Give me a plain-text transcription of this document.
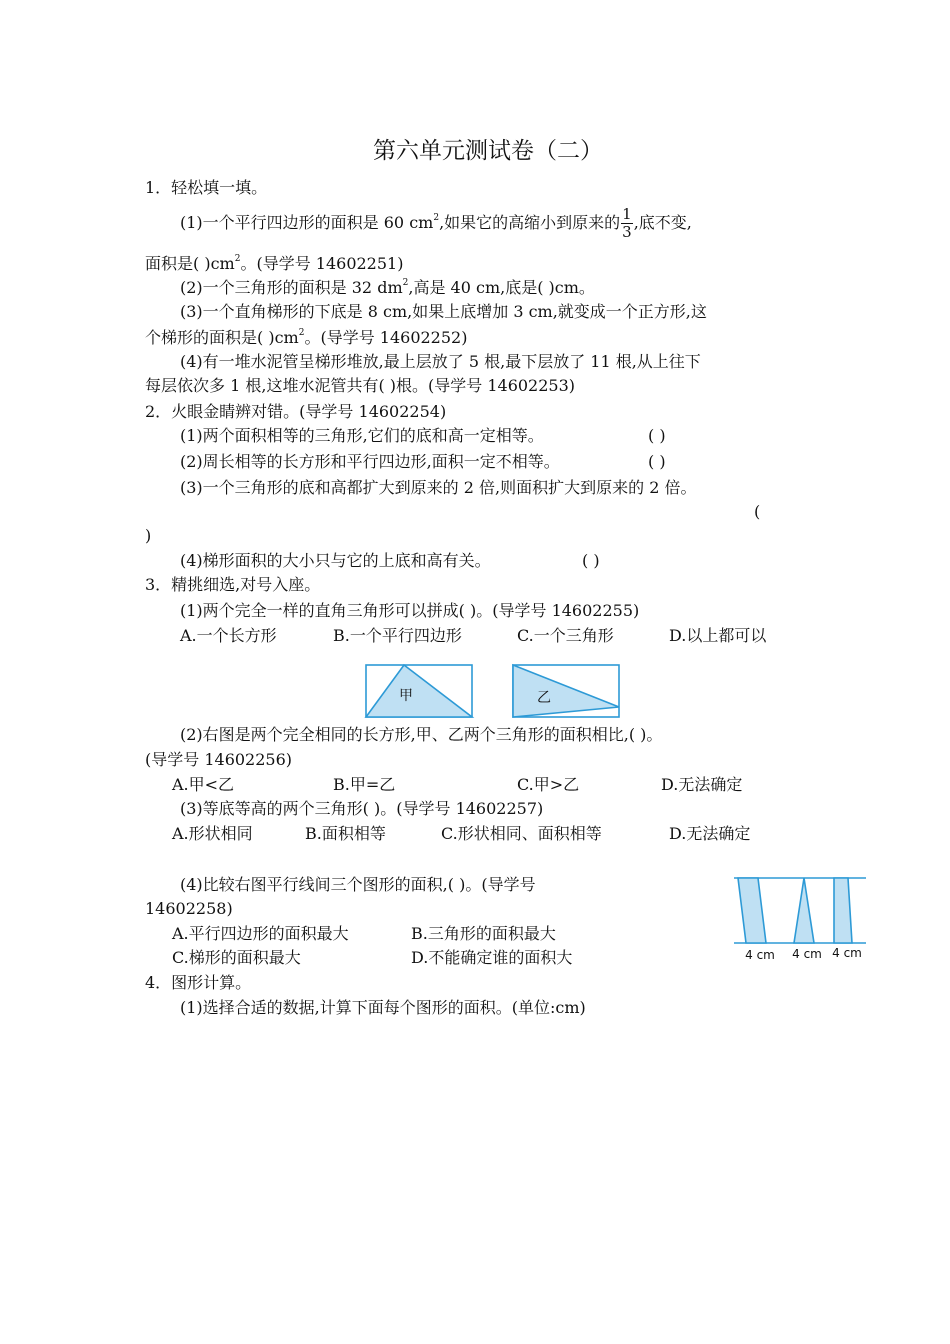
第六单元测试卷（二）
1．轻松填一填。
(1)一个平行四边形的面积是 60 $cm^2$,如果它的高缩小到原来的 $\frac{1}{3}$ ,底不变,
面积是( )$cm^2$。(导学号 14602251)
(2)一个三角形的面积是 32 $dm^2$,高是 40 cm,底是( )cm。
(3)一个直角梯形的下底是 8 cm,如果上底增加 3 cm,就变成一个正方形,这
个梯形的面积是( )$cm^2$。(导学号 14602252)
(4)有一堆水泥管呈梯形堆放,最上层放了 5 根,最下层放了 11 根,从上往下
每层依次多 1 根,这堆水泥管共有( )根。(导学号 14602253)
2．火眼金睛辨对错。(导学号 14602254)
(1)两个面积相等的三角形,它们的底和高一定相等。	( )
(2)周长相等的长方形和平行四边形,面积一定不相等。	( )
(3)一个三角形的底和高都扩大到原来的 2 倍,则面积扩大到原来的 2 倍。
(
)
(4)梯形面积的大小只与它的上底和高有关。	( )
3．精挑细选,对号入座。
(1)两个完全一样的直角三角形可以拼成( )。(导学号 14602255)
A.一个长方形	B.一个平行四边形	C.一个三角形	D.以上都可以
甲	乙
(2)右图是两个完全相同的长方形,甲、乙两个三角形的面积相比,( )。
(导学号 14602256)
A.甲<乙	B.甲=乙	C.甲>乙	D.无法确定
(3)等底等高的两个三角形( )。(导学号 14602257)
A.形状相同	B.面积相等	C.形状相同、面积相等	D.无法确定
(4)比较右图平行线间三个图形的面积,( )。(导学号
14602258)
A.平行四边形的面积最大	B.三角形的面积最大
C.梯形的面积最大	D.不能确定谁的面积大	4 cm 4 cm 4 cm
4．图形计算。
(1)选择合适的数据,计算下面每个图形的面积。(单位:cm)
